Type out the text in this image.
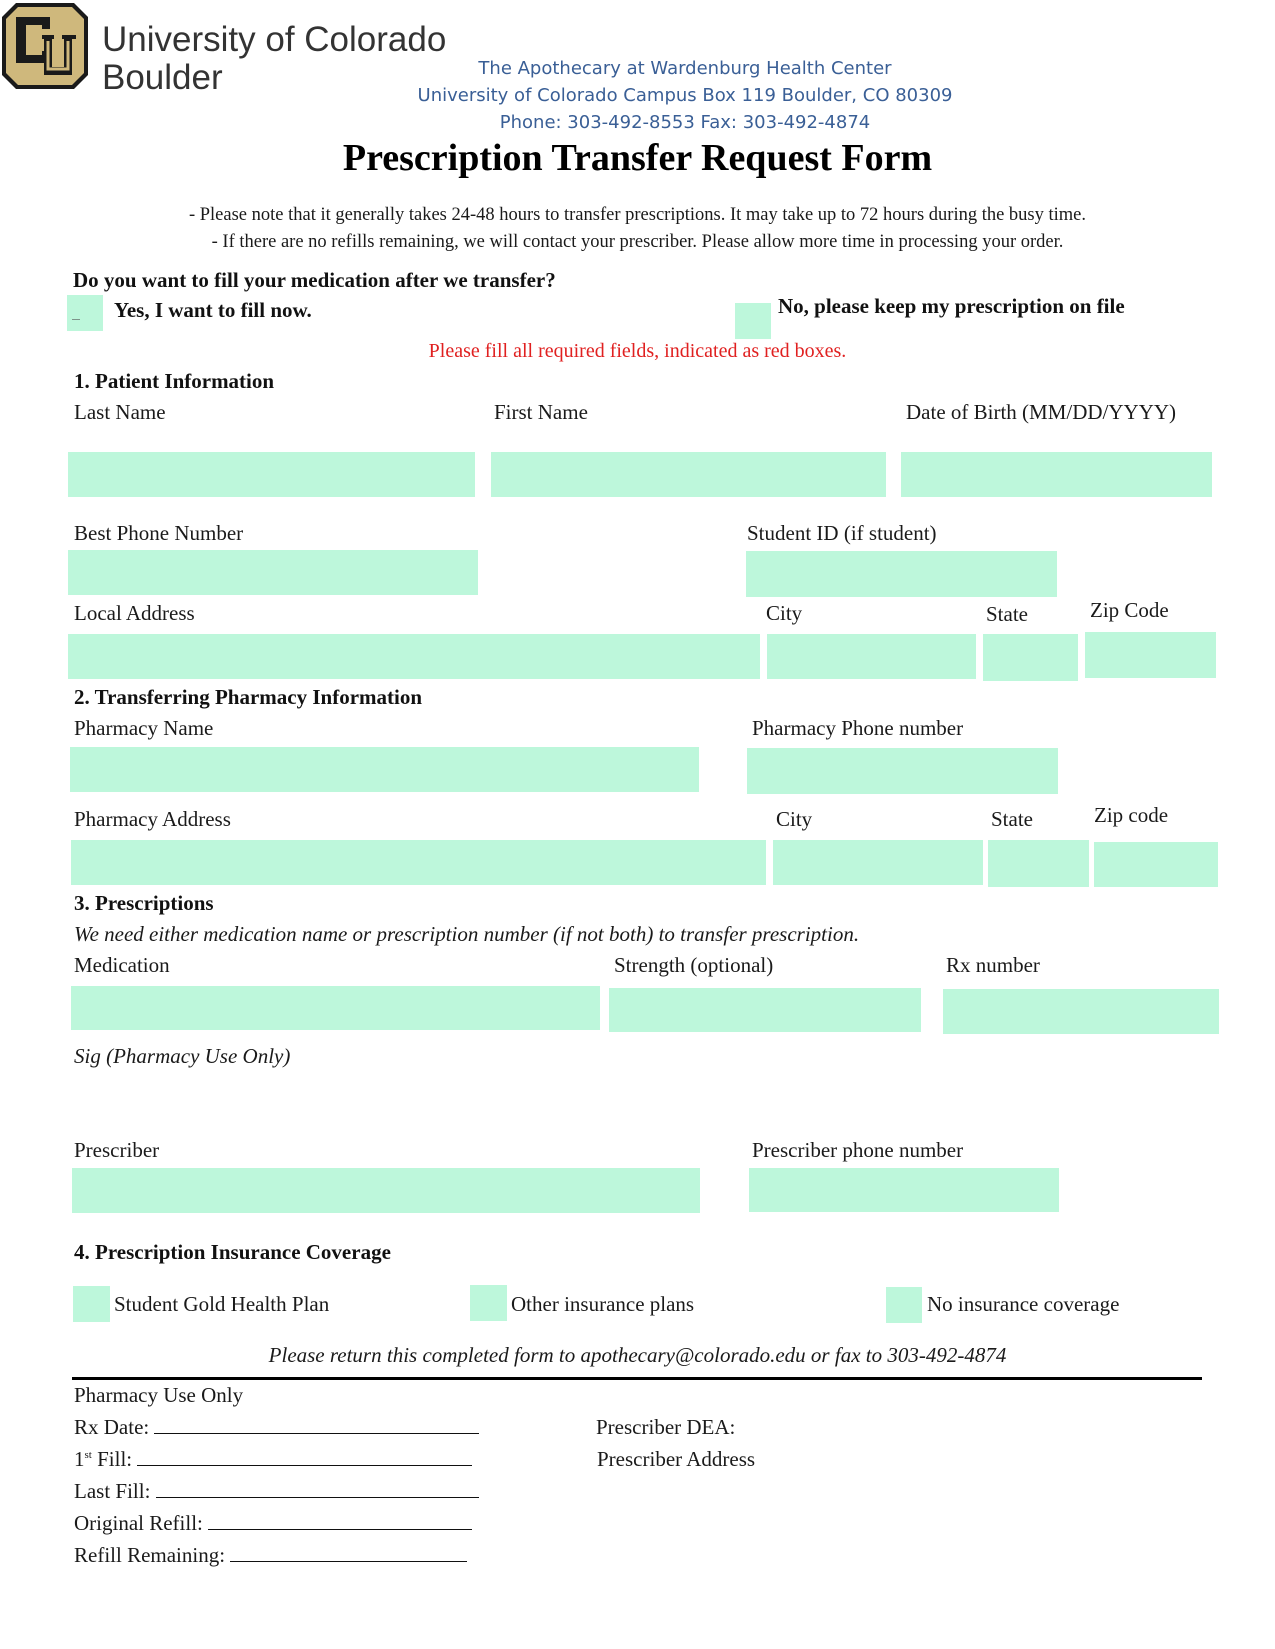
University of Colorado
Boulder	The Apothecary at Wardenburg Health Center
University of Colorado Campus Box 119 Boulder, CO 80309
Phone: 303-492-8553 Fax: 303-492-4874
Prescription Transfer Request Form
- Please note that it generally takes 24-48 hours to transfer prescriptions. It may take up to 72 hours during the busy time.
- If there are no refills remaining, we will contact your prescriber. Please allow more time in processing your order.
Do you want to fill your medication after we transfer?
_ Yes, I want to fill now.	No, please keep my prescription on file
Please fill all required fields, indicated as red boxes.
1. Patient Information
Last Name	First Name	Date of Birth (MM/DD/YYYY)
Best Phone Number	Student ID (if student)
Local Address	City	State	Zip Code
2. Transferring Pharmacy Information
Pharmacy Name	Pharmacy Phone number
Pharmacy Address	City	State	Zip code
3. Prescriptions
We need either medication name or prescription number (if not both) to transfer prescription.
Medication	Strength (optional)	Rx number
Sig (Pharmacy Use Only)
Prescriber	Prescriber phone number
4. Prescription Insurance Coverage
Student Gold Health Plan	Other insurance plans	No insurance coverage
Please return this completed form to apothecary@colorado.edu or fax to 303-492-4874
Pharmacy Use Only
Rx Date:
1st Fill:
Last Fill:
Original Refill:
Refill Remaining:
Prescriber DEA:
Prescriber Address
